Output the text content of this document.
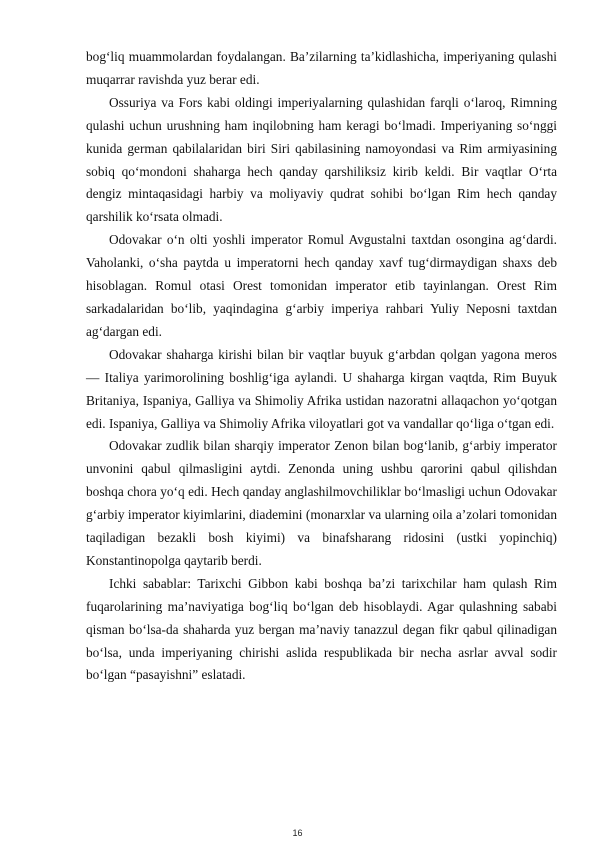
bog‘liq muammolardan foydalangan. Ba’zilarning ta’kidlashicha, imperiyaning qulashi muqarrar ravishda yuz berar edi.

Ossuriya va Fors kabi oldingi imperiyalarning qulashidan farqli o‘laroq, Rimning qulashi uchun urushning ham inqilobning ham keragi bo‘lmadi. Imperiyaning so‘nggi kunida german qabilalaridan biri Siri qabilasining namoyondasi va Rim armiyasining sobiq qo‘mondoni shaharga hech qanday qarshiliksiz kirib keldi. Bir vaqtlar O‘rta dengiz mintaqasidagi harbiy va moliyaviy qudrat sohibi bo‘lgan Rim hech qanday qarshilik ko‘rsata olmadi.

Odovakar o‘n olti yoshli imperator Romul Avgustalni taxtdan osongina ag‘dardi. Vaholanki, o‘sha paytda u imperatorni hech qanday xavf tug‘dirmaydigan shaxs deb hisoblagan. Romul otasi Orest tomonidan imperator etib tayinlangan. Orest Rim sarkadalaridan bo‘lib, yaqindagina g‘arbiy imperiya rahbari Yuliy Neposni taxtdan ag‘dargan edi.

Odovakar shaharga kirishi bilan bir vaqtlar buyuk g‘arbdan qolgan yagona meros — Italiya yarimorolining boshlig‘iga aylandi. U shaharga kirgan vaqtda, Rim Buyuk Britaniya, Ispaniya, Galliya va Shimoliy Afrika ustidan nazoratni allaqachon yo‘qotgan edi. Ispaniya, Galliya va Shimoliy Afrika viloyatlari got va vandallar qo‘liga o‘tgan edi.

Odovakar zudlik bilan sharqiy imperator Zenon bilan bog‘lanib, g‘arbiy imperator unvonini qabul qilmasligini aytdi. Zenonda uning ushbu qarorini qabul qilishdan boshqa chora yo‘q edi. Hech qanday anglashilmovchiliklar bo‘lmasligi uchun Odovakar g‘arbiy imperator kiyimlarini, diademini (monarxlar va ularning oila a’zolari tomonidan taqiladigan bezakli bosh kiyimi) va binafsharang ridosini (ustki yopinchiq) Konstantinopolga qaytarib berdi.

Ichki sabablar: Tarixchi Gibbon kabi boshqa ba’zi tarixchilar ham qulash Rim fuqarolarining ma’naviyatiga bog‘liq bo‘lgan deb hisoblaydi. Agar qulashning sababi qisman bo‘lsa-da shaharda yuz bergan ma’naviy tanazzul degan fikr qabul qilinadigan bo‘lsa, unda imperiyaning chirishi aslida respublikada bir necha asrlar avval sodir bo‘lgan “pasayishni” eslatadi.

16
